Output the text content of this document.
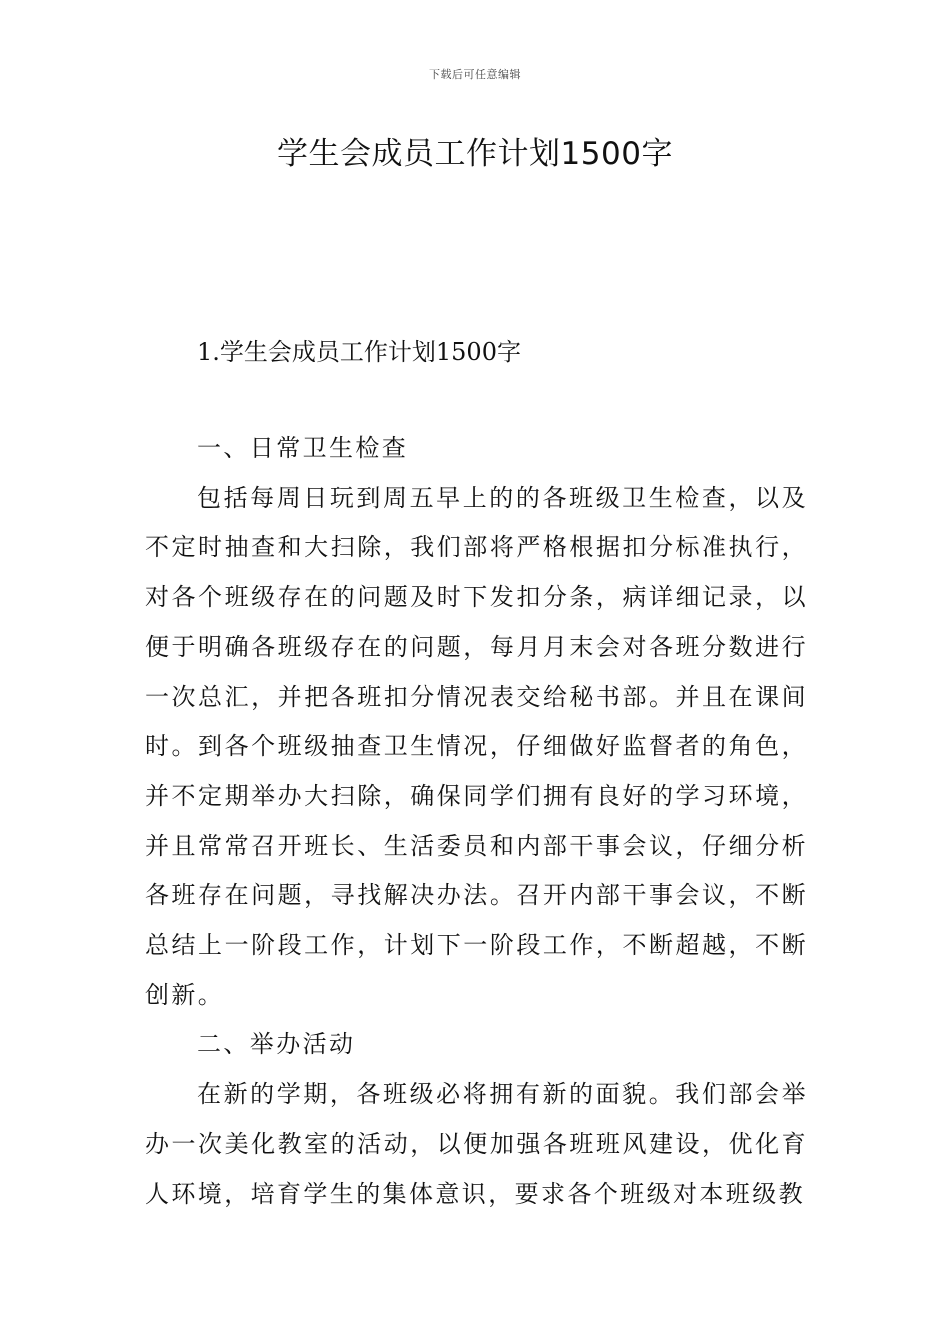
下载后可任意编辑
学生会成员工作计划1500字
1.学生会成员工作计划1500字
一、日常卫生检查

包括每周日玩到周五早上的的各班级卫生检查，以及不定时抽查和大扫除，我们部将严格根据扣分标准执行，对各个班级存在的问题及时下发扣分条，病详细记录，以便于明确各班级存在的问题，每月月末会对各班分数进行一次总汇，并把各班扣分情况表交给秘书部。并且在课间时。到各个班级抽查卫生情况，仔细做好监督者的角色，并不定期举办大扫除，确保同学们拥有良好的学习环境，并且常常召开班长、生活委员和内部干事会议，仔细分析各班存在问题，寻找解决办法。召开内部干事会议，不断总结上一阶段工作，计划下一阶段工作，不断超越，不断创新。

二、举办活动

在新的学期，各班级必将拥有新的面貌。我们部会举办一次美化教室的活动，以便加强各班班风建设，优化育人环境，培育学生的集体意识，要求各个班级对本班级教
